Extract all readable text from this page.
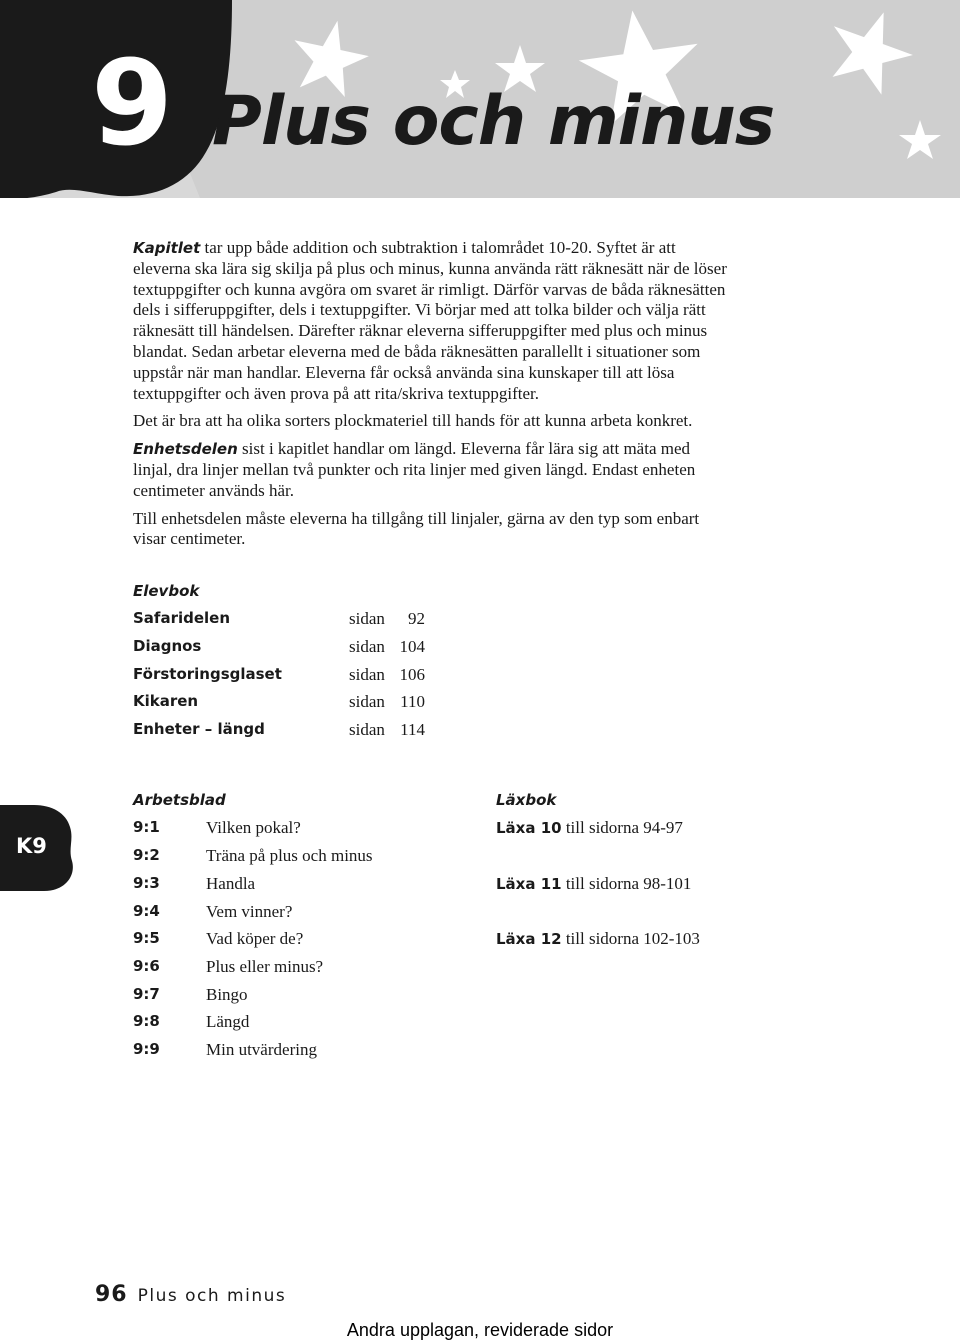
9 Plus och minus

Kapitlet tar upp både addition och subtraktion i talområdet 10-20. Syftet är att eleverna ska lära sig skilja på plus och minus, kunna använda rätt räknesätt när de löser textuppgifter och kunna avgöra om svaret är rimligt. Därför varvas de båda räknesätten dels i sifferuppgifter, dels i textuppgifter. Vi börjar med att tolka bilder och välja rätt räknesätt till händelsen. Därefter räknar eleverna sifferuppgifter med plus och minus blandat. Sedan arbetar eleverna med de båda räknesätten parallellt i situationer som uppstår när man handlar. Eleverna får också använda sina kunskaper till att lösa textuppgifter och även prova på att rita/skriva textuppgifter.

Det är bra att ha olika sorters plockmateriel till hands för att kunna arbeta konkret.

Enhetsdelen sist i kapitlet handlar om längd. Eleverna får lära sig att mäta med linjal, dra linjer mellan två punkter och rita linjer med given längd. Endast enheten centimeter används här.

Till enhetsdelen måste eleverna ha tillgång till linjaler, gärna av den typ som enbart visar centimeter.

Elevbok
Safaridelen	sidan	92
Diagnos	sidan 104
Förstoringsglaset	sidan 106
Kikaren	sidan 110
Enheter – längd	sidan 114
K9
Arbetsblad
9:1	Vilken pokal?
9:2	Träna på plus och minus
9:3	Handla
9:4	Vem vinner?
9:5	Vad köper de?
9:6	Plus eller minus?
9:7	Bingo
9:8	Längd
9:9	Min utvärdering
Läxbok
Läxa 10 till sidorna 94-97
Läxa 11 till sidorna 98-101
Läxa 12 till sidorna 102-103
96 Plus och minus
Andra upplagan, reviderade sidor
